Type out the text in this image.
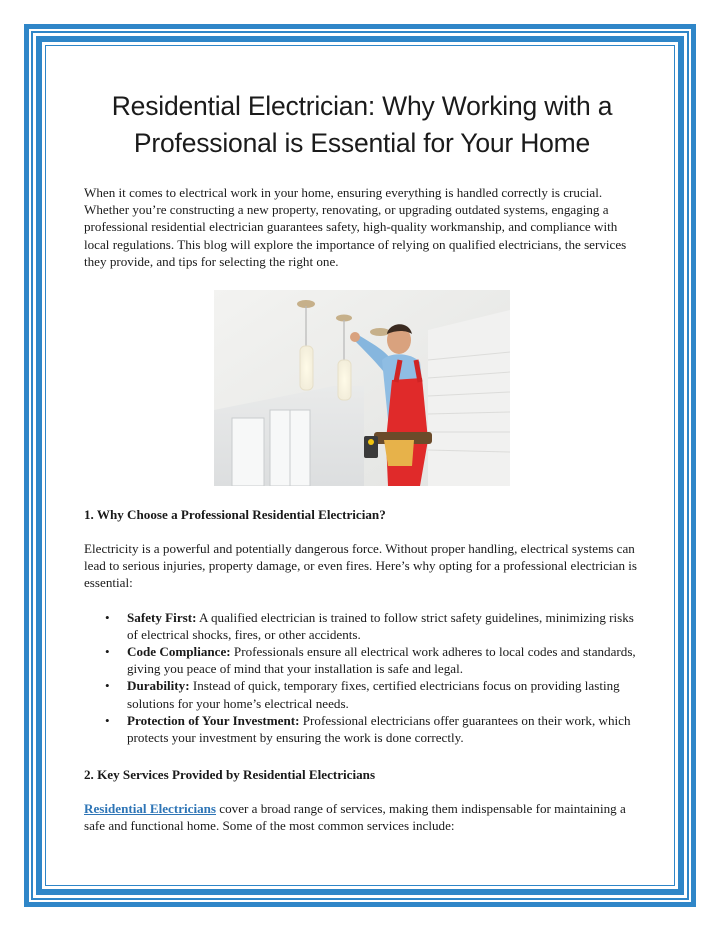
Residential Electrician: Why Working with a Professional is Essential for Your Home

When it comes to electrical work in your home, ensuring everything is handled correctly is crucial. Whether you’re constructing a new property, renovating, or upgrading outdated systems, engaging a professional residential electrician guarantees safety, high-quality workmanship, and compliance with local regulations. This blog will explore the importance of relying on qualified electricians, the services they provide, and tips for selecting the right one.

1. Why Choose a Professional Residential Electrician?

Electricity is a powerful and potentially dangerous force. Without proper handling, electrical systems can lead to serious injuries, property damage, or even fires. Here’s why opting for a professional electrician is essential:

• Safety First: A qualified electrician is trained to follow strict safety guidelines, minimizing risks of electrical shocks, fires, or other accidents.
• Code Compliance: Professionals ensure all electrical work adheres to local codes and standards, giving you peace of mind that your installation is safe and legal.
• Durability: Instead of quick, temporary fixes, certified electricians focus on providing lasting solutions for your home’s electrical needs.
• Protection of Your Investment: Professional electricians offer guarantees on their work, which protects your investment by ensuring the work is done correctly.
2. Key Services Provided by Residential Electricians

Residential Electricians cover a broad range of services, making them indispensable for maintaining a safe and functional home. Some of the most common services include:
